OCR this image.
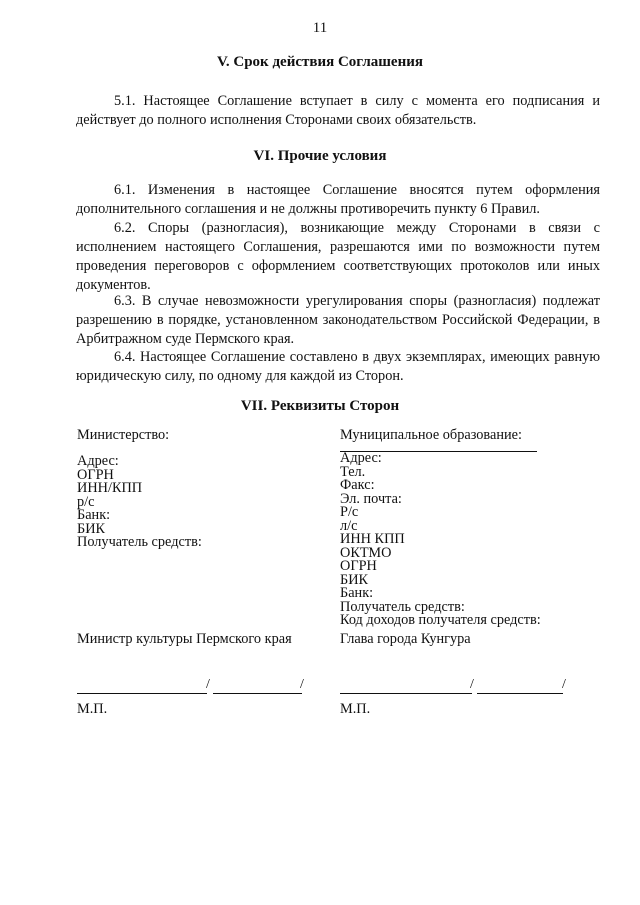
11
V. Срок действия Соглашения
5.1. Настоящее Соглашение вступает в силу с момента его подписания и действует до полного исполнения Сторонами своих обязательств.
VI. Прочие условия
6.1. Изменения в настоящее Соглашение вносятся путем оформления дополнительного соглашения и не должны противоречить пункту 6 Правил.
6.2. Споры (разногласия), возникающие между Сторонами в связи с исполнением настоящего Соглашения, разрешаются ими по возможности путем проведения переговоров с оформлением соответствующих протоколов или иных документов.
6.3. В случае невозможности урегулирования споры (разногласия) подлежат разрешению в порядке, установленном законодательством Российской Федерации, в Арбитражном суде Пермского края.
6.4. Настоящее Соглашение составлено в двух экземплярах, имеющих равную юридическую силу, по одному для каждой из Сторон.
VII. Реквизиты Сторон
Министерство:
Адрес:
ОГРН
ИНН/КПП
р/с
Банк:
БИК
Получатель средств:
Муниципальное образование:
Адрес:
Тел.
Факс:
Эл. почта:
Р/с
л/с
ИНН КПП
ОКТМО
ОГРН
БИК
Банк:
Получатель средств:
Код доходов получателя средств:
Министр культуры Пермского края	Глава города Кунгура
/	/	/	/
М.П.	М.П.
